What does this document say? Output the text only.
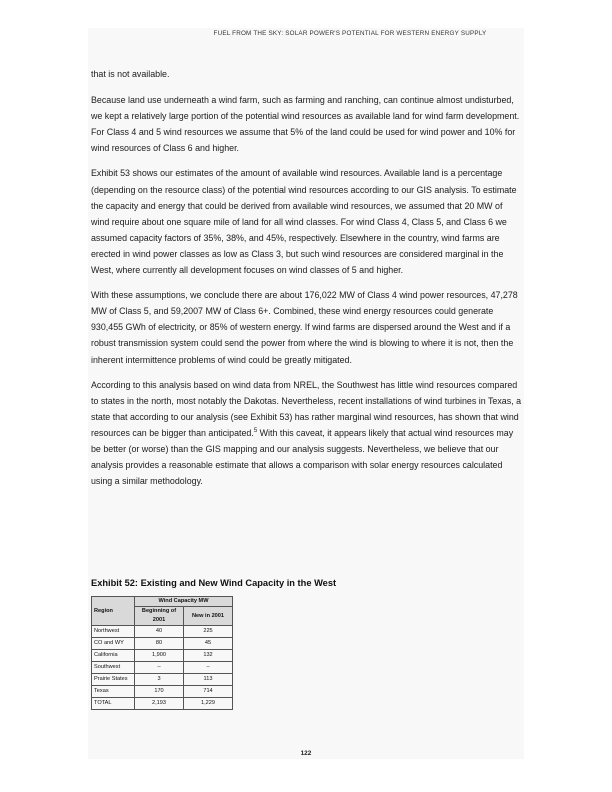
FUEL FROM THE SKY: SOLAR POWER'S POTENTIAL FOR WESTERN ENERGY SUPPLY

that is not available.

Because land use underneath a wind farm, such as farming and ranching, can continue almost undisturbed, we kept a relatively large portion of the potential wind resources as available land for wind farm development. For Class 4 and 5 wind resources we assume that 5% of the land could be used for wind power and 10% for wind resources of Class 6 and higher.

Exhibit 53 shows our estimates of the amount of available wind resources. Available land is a percentage (depending on the resource class) of the potential wind resources according to our GIS analysis. To estimate the capacity and energy that could be derived from available wind resources, we assumed that 20 MW of wind require about one square mile of land for all wind classes. For wind Class 4, Class 5, and Class 6 we assumed capacity factors of 35%, 38%, and 45%, respectively. Elsewhere in the country, wind farms are erected in wind power classes as low as Class 3, but such wind resources are considered marginal in the West, where currently all development focuses on wind classes of 5 and higher.

With these assumptions, we conclude there are about 176,022 MW of Class 4 wind power resources, 47,278 MW of Class 5, and 59,2007 MW of Class 6+. Combined, these wind energy resources could generate 930,455 GWh of electricity, or 85% of western energy. If wind farms are dispersed around the West and if a robust transmission system could send the power from where the wind is blowing to where it is not, then the inherent intermittence problems of wind could be greatly mitigated.

According to this analysis based on wind data from NREL, the Southwest has little wind resources compared to states in the north, most notably the Dakotas. Nevertheless, recent installations of wind turbines in Texas, a state that according to our analysis (see Exhibit 53) has rather marginal wind resources, has shown that wind resources can be bigger than anticipated.$^5$ With this caveat, it appears likely that actual wind resources may be better (or worse) than the GIS mapping and our analysis suggests. Nevertheless, we believe that our analysis provides a reasonable estimate that allows a comparison with solar energy resources calculated using a similar methodology.

Exhibit 52: Existing and New Wind Capacity in the West
Region	Wind Capacity MW	
	Beginning of 2001	New in 2001
Northwest	40	225
CO and WY	80	45
California	1,900	132
Southwest	–	–
Prairie States	3	113
Texas	170	714
TOTAL	2,193	1,229
122
